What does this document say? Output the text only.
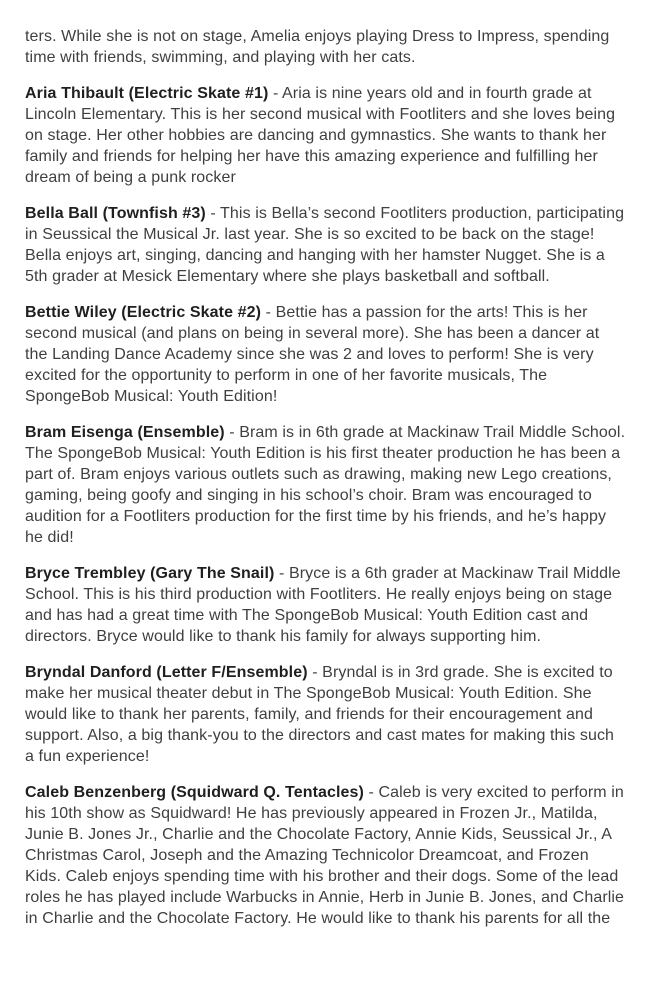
ters. While she is not on stage, Amelia enjoys playing Dress to Impress, spending time with friends, swimming, and playing with her cats.

Aria Thibault (Electric Skate #1) - Aria is nine years old and in fourth grade at Lincoln Elementary. This is her second musical with Footliters and she loves being on stage. Her other hobbies are dancing and gymnastics. She wants to thank her family and friends for helping her have this amazing experience and fulfilling her dream of being a punk rocker

Bella Ball (Townfish #3) - This is Bella’s second Footliters production, participating in Seussical the Musical Jr. last year. She is so excited to be back on the stage! Bella enjoys art, singing, dancing and hanging with her hamster Nugget. She is a 5th grader at Mesick Elementary where she plays basketball and softball.

Bettie Wiley (Electric Skate #2) - Bettie has a passion for the arts! This is her second musical (and plans on being in several more). She has been a dancer at the Landing Dance Academy since she was 2 and loves to perform! She is very excited for the opportunity to perform in one of her favorite musicals, The SpongeBob Musical: Youth Edition!

Bram Eisenga (Ensemble) - Bram is in 6th grade at Mackinaw Trail Middle School. The SpongeBob Musical: Youth Edition is his first theater production he has been a part of. Bram enjoys various outlets such as drawing, making new Lego creations, gaming, being goofy and singing in his school’s choir. Bram was encouraged to audition for a Footliters production for the first time by his friends, and he’s happy he did!

Bryce Trembley (Gary The Snail) - Bryce is a 6th grader at Mackinaw Trail Middle School. This is his third production with Footliters. He really enjoys being on stage and has had a great time with The SpongeBob Musical: Youth Edition cast and directors. Bryce would like to thank his family for always supporting him.

Bryndal Danford (Letter F/Ensemble) - Bryndal is in 3rd grade. She is excited to make her musical theater debut in The SpongeBob Musical: Youth Edition. She would like to thank her parents, family, and friends for their encouragement and support. Also, a big thank-you to the directors and cast mates for making this such a fun experience!

Caleb Benzenberg (Squidward Q. Tentacles) - Caleb is very excited to perform in his 10th show as Squidward! He has previously appeared in Frozen Jr., Matilda, Junie B. Jones Jr., Charlie and the Chocolate Factory, Annie Kids, Seussical Jr., A Christmas Carol, Joseph and the Amazing Technicolor Dreamcoat, and Frozen Kids. Caleb enjoys spending time with his brother and their dogs. Some of the lead roles he has played include Warbucks in Annie, Herb in Junie B. Jones, and Charlie in Charlie and the Chocolate Factory. He would like to thank his parents for all the
